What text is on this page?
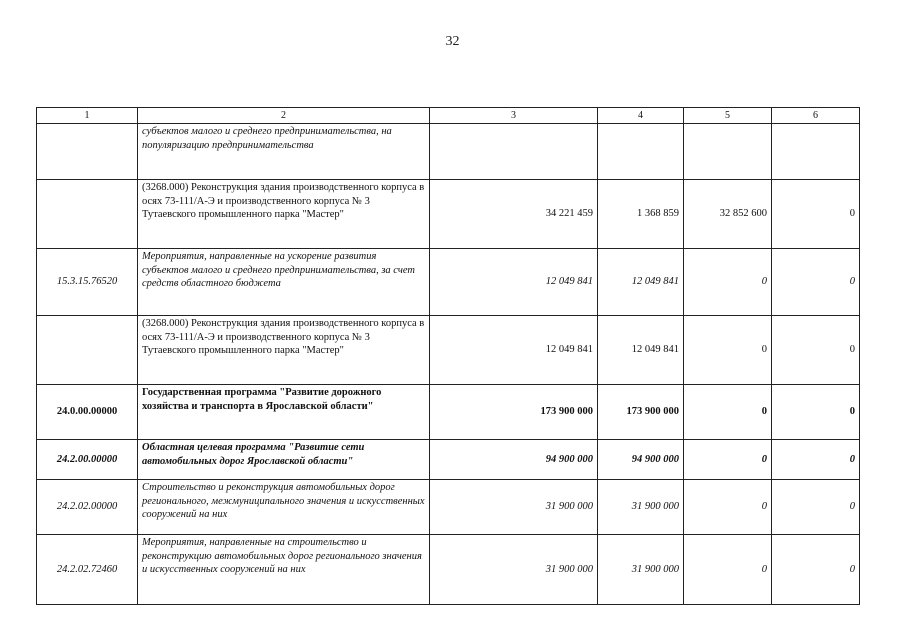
32
1	2	3	4	5	6
	субъектов малого и среднего предпринимательства, на популяризацию предпринимательства				
	(3268.000) Реконструкция здания производственного корпуса в осях 73-111/А-Э и производственного корпуса № 3 Тутаевского промышленного парка "Мастер"	34 221 459	1 368 859	32 852 600	0
15.3.15.76520	Мероприятия, направленные на ускорение развития субъектов малого и среднего предпринимательства, за счет средств областного бюджета	12 049 841	12 049 841	0	0
	(3268.000) Реконструкция здания производственного корпуса в осях 73-111/А-Э и производственного корпуса № 3 Тутаевского промышленного парка "Мастер"	12 049 841	12 049 841	0	0
24.0.00.00000	Государственная программа "Развитие дорожного хозяйства и транспорта в Ярославской области"	173 900 000	173 900 000	0	0
24.2.00.00000	Областная целевая программа "Развитие сети автомобильных дорог Ярославской области"	94 900 000	94 900 000	0	0
24.2.02.00000	Строительство и реконструкция автомобильных дорог регионального, межмуниципального значения и искусственных сооружений на них	31 900 000	31 900 000	0	0
24.2.02.72460	Мероприятия, направленные на строительство и реконструкцию автомобильных дорог регионального значения и искусственных сооружений на них	31 900 000	31 900 000	0	0
